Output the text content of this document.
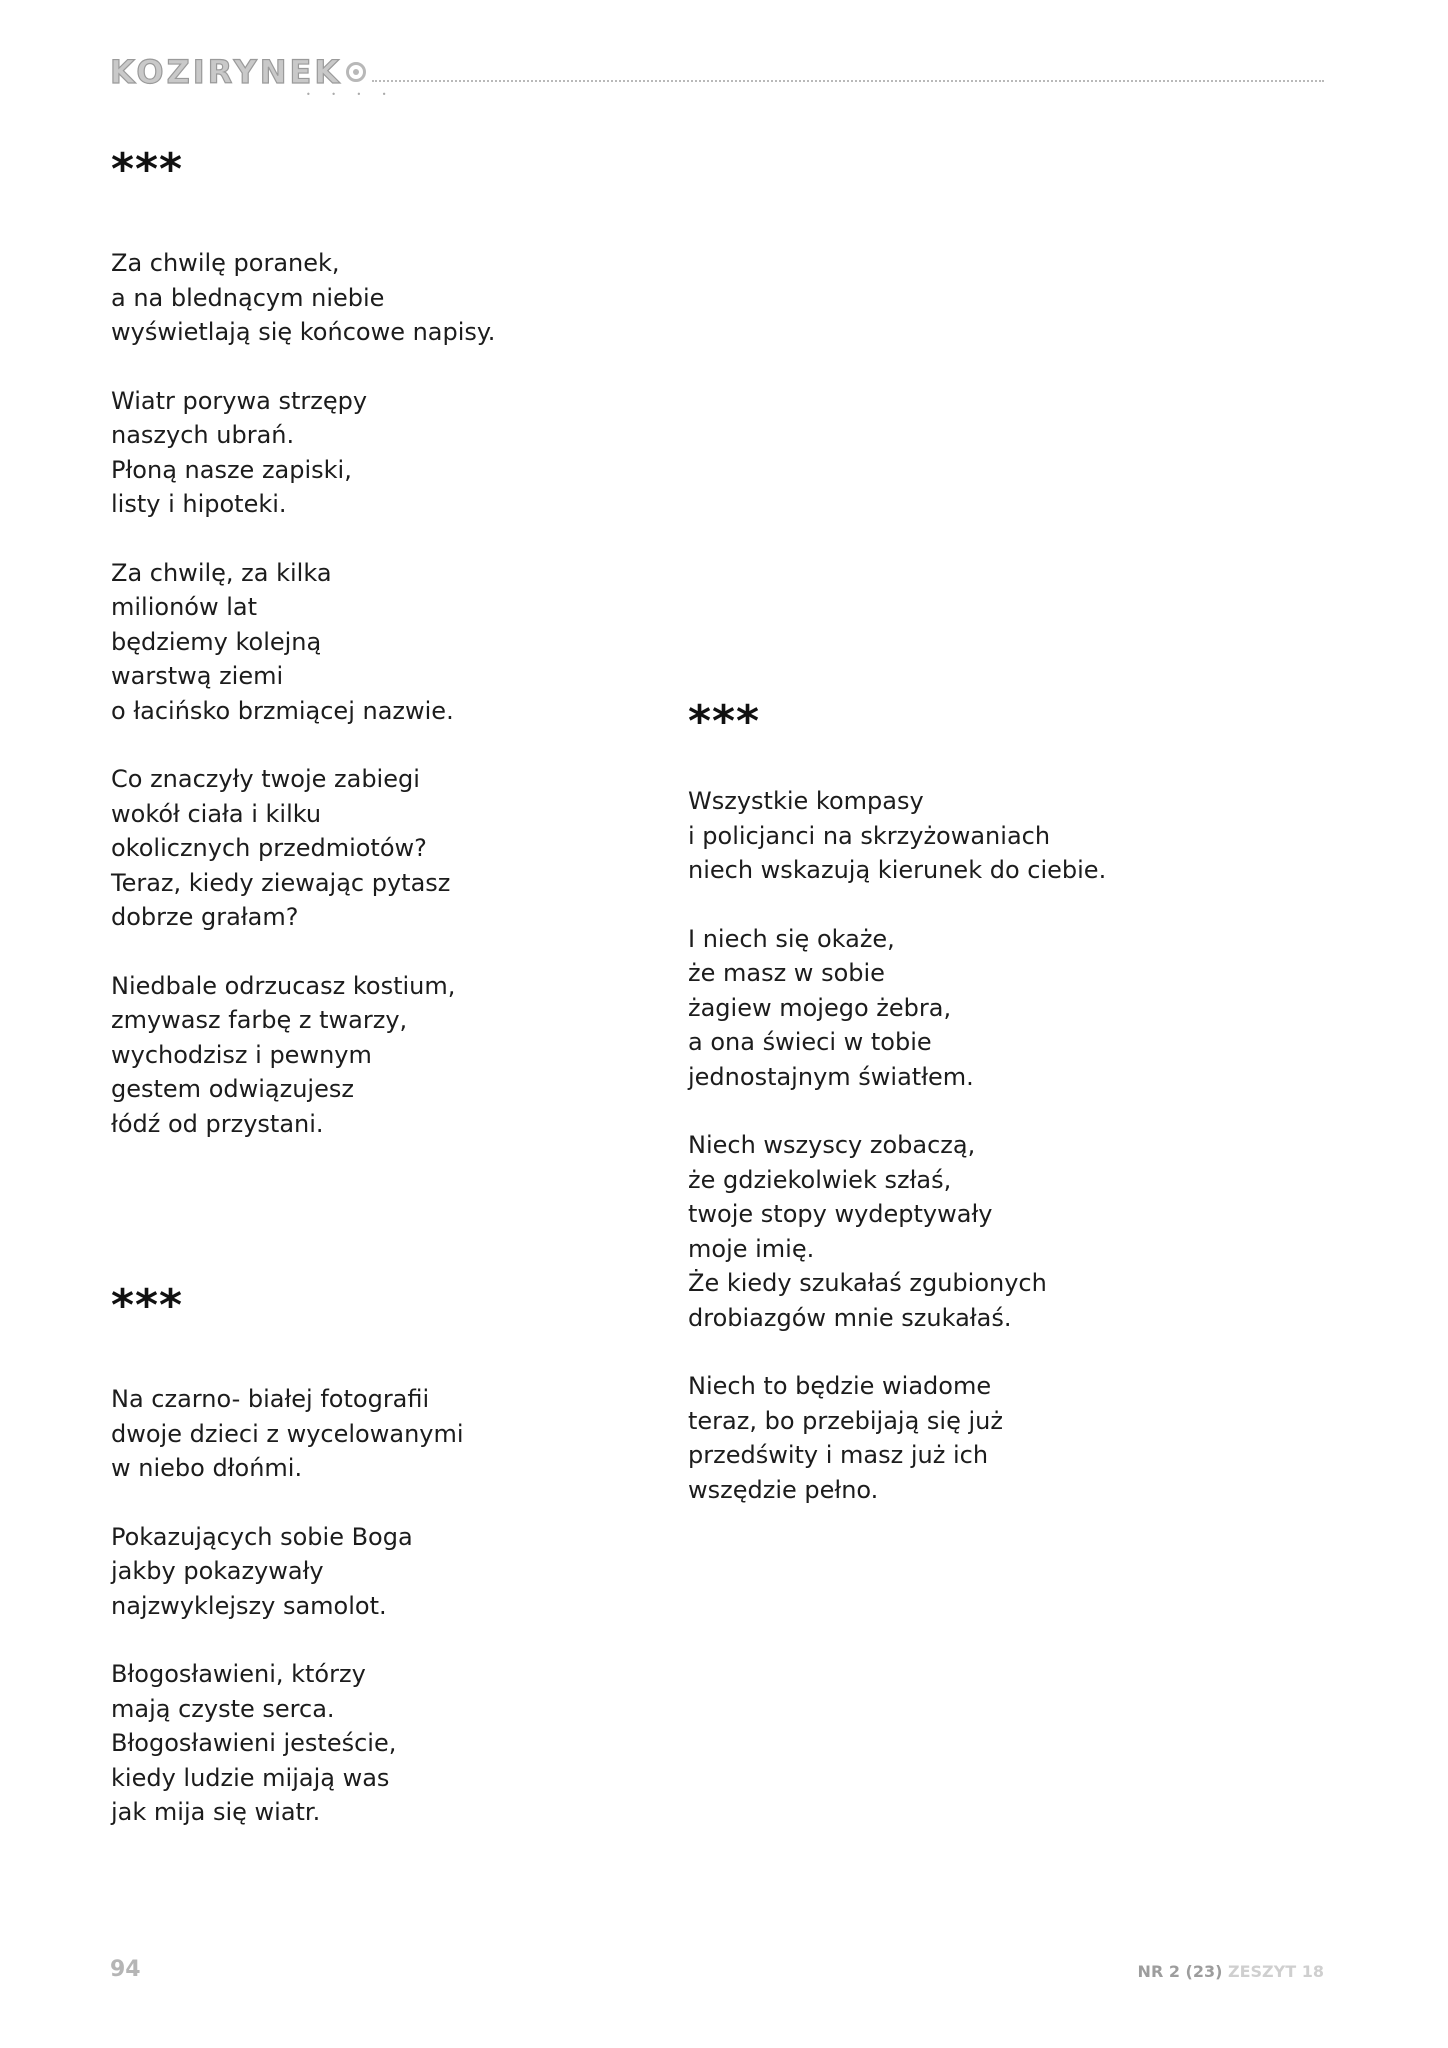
KOZIRYNEK
• • • •
***

Za chwilę poranek,
a na blednącym niebie
wyświetlają się końcowe napisy.

Wiatr porywa strzępy
naszych ubrań.
Płoną nasze zapiski,
listy i hipoteki.

Za chwilę, za kilka
milionów lat
będziemy kolejną
warstwą ziemi
o łacińsko brzmiącej nazwie.

Co znaczyły twoje zabiegi
wokół ciała i kilku
okolicznych przedmiotów?
Teraz, kiedy ziewając pytasz
dobrze grałam?

Niedbale odrzucasz kostium,
zmywasz farbę z twarzy,
wychodzisz i pewnym
gestem odwiązujesz
łódź od przystani.

***

Na czarno- białej fotografii
dwoje dzieci z wycelowanymi
w niebo dłońmi.

Pokazujących sobie Boga
jakby pokazywały
najzwyklejszy samolot.

Błogosławieni, którzy
mają czyste serca.
Błogosławieni jesteście,
kiedy ludzie mijają was
jak mija się wiatr.

***

Wszystkie kompasy
i policjanci na skrzyżowaniach
niech wskazują kierunek do ciebie.

I niech się okaże,
że masz w sobie
żagiew mojego żebra,
a ona świeci w tobie
jednostajnym światłem.

Niech wszyscy zobaczą,
że gdziekolwiek szłaś,
twoje stopy wydeptywały
moje imię.
Że kiedy szukałaś zgubionych
drobiazgów mnie szukałaś.

Niech to będzie wiadome
teraz, bo przebijają się już
przedświty i masz już ich
wszędzie pełno.

94	NR 2 (23) ZESZYT 18
